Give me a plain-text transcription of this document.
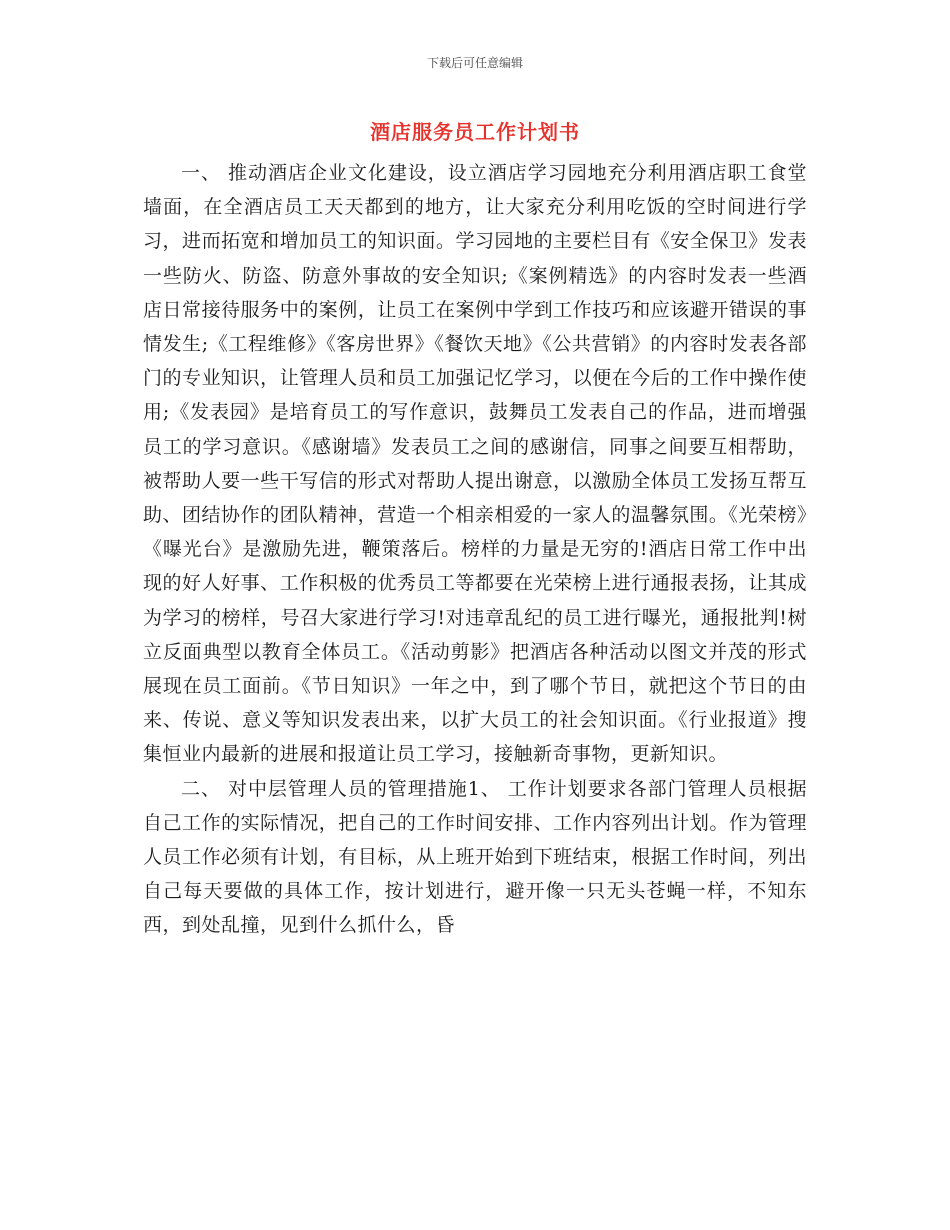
下载后可任意编辑
酒店服务员工作计划书

一、 推动酒店企业文化建设，设立酒店学习园地充分利用酒店职工食堂墙面，在全酒店员工天天都到的地方，让大家充分利用吃饭的空时间进行学习，进而拓宽和增加员工的知识面。学习园地的主要栏目有《安全保卫》发表一些防火、防盗、防意外事故的安全知识;《案例精选》的内容时发表一些酒店日常接待服务中的案例，让员工在案例中学到工作技巧和应该避开错误的事情发生;《工程维修》《客房世界》《餐饮天地》《公共营销》的内容时发表各部门的专业知识，让管理人员和员工加强记忆学习，以便在今后的工作中操作使用;《发表园》是培育员工的写作意识，鼓舞员工发表自己的作品，进而增强员工的学习意识。《感谢墙》发表员工之间的感谢信，同事之间要互相帮助，被帮助人要一些干写信的形式对帮助人提出谢意，以激励全体员工发扬互帮互助、团结协作的团队精神，营造一个相亲相爱的一家人的温馨氛围。《光荣榜》《曝光台》是激励先进，鞭策落后。榜样的力量是无穷的!酒店日常工作中出现的好人好事、工作积极的优秀员工等都要在光荣榜上进行通报表扬，让其成为学习的榜样，号召大家进行学习!对违章乱纪的员工进行曝光，通报批判!树立反面典型以教育全体员工。《活动剪影》把酒店各种活动以图文并茂的形式展现在员工面前。《节日知识》一年之中，到了哪个节日，就把这个节日的由来、传说、意义等知识发表出来，以扩大员工的社会知识面。《行业报道》搜集恒业内最新的进展和报道让员工学习，接触新奇事物，更新知识。

二、 对中层管理人员的管理措施1、 工作计划要求各部门管理人员根据自己工作的实际情况，把自己的工作时间安排、工作内容列出计划。作为管理人员工作必须有计划，有目标，从上班开始到下班结束，根据工作时间，列出自己每天要做的具体工作，按计划进行，避开像一只无头苍蝇一样，不知东西，到处乱撞，见到什么抓什么，昏
